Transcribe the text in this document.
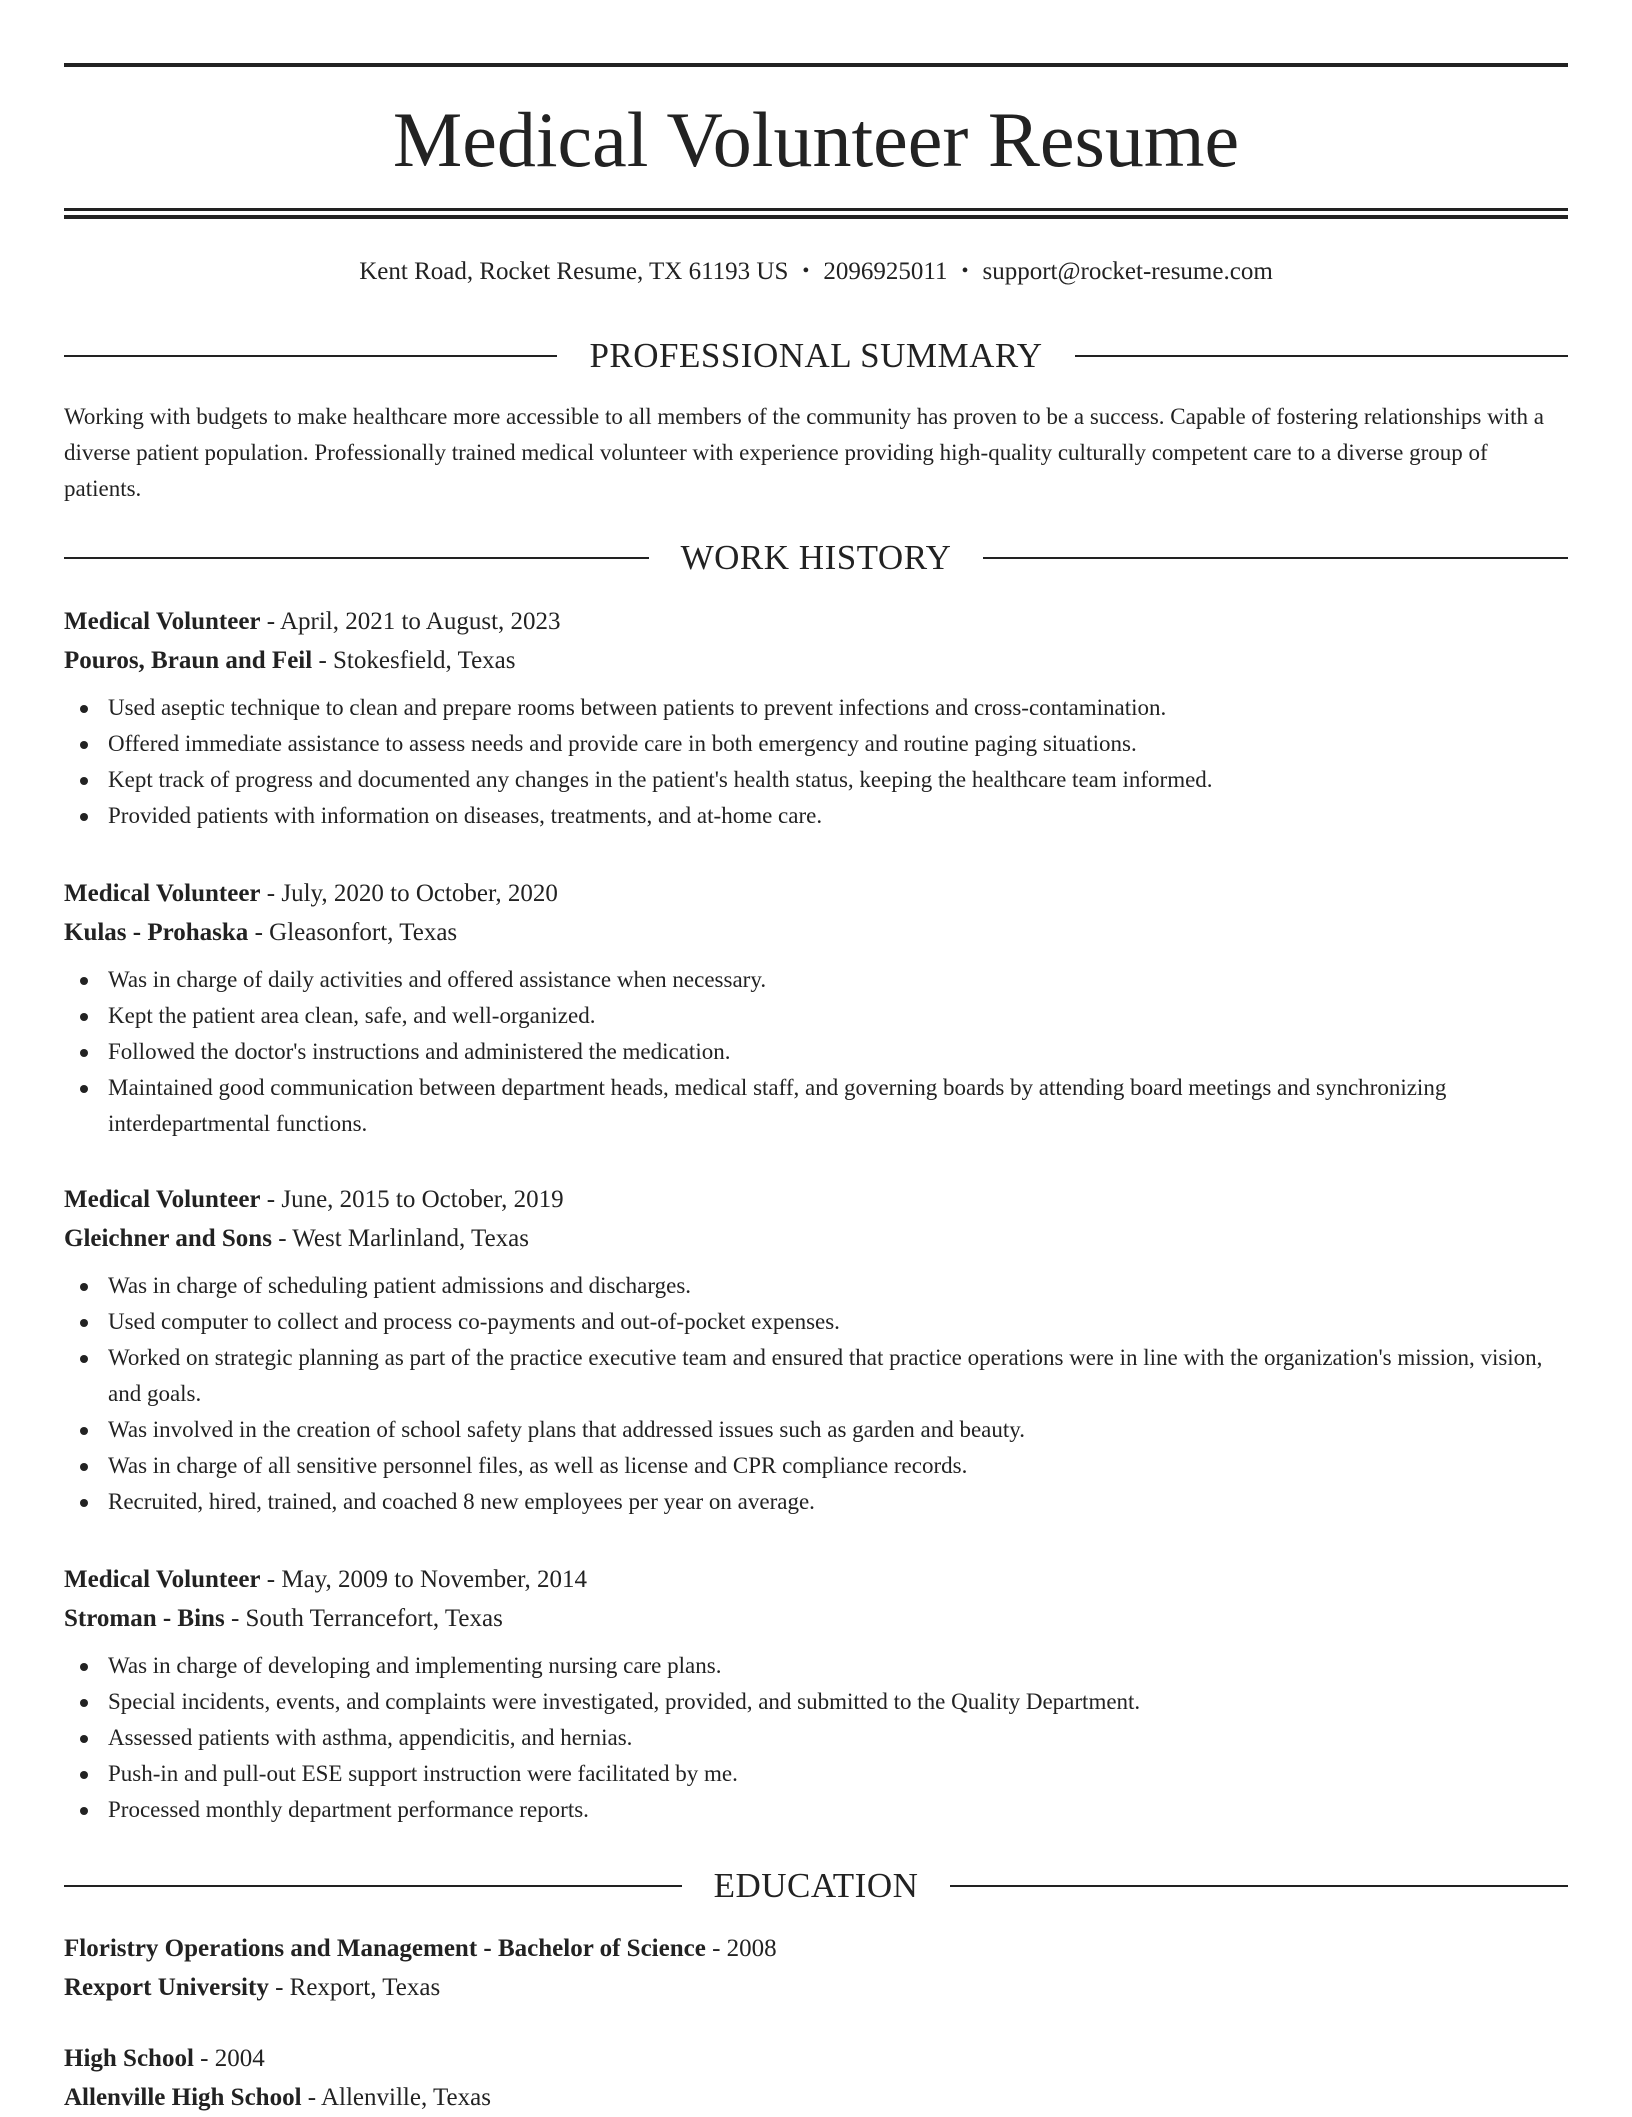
Medical Volunteer Resume
Kent Road, Rocket Resume, TX 61193 US • 2096925011 • support@rocket-resume.com
PROFESSIONAL SUMMARY

Working with budgets to make healthcare more accessible to all members of the community has proven to be a success. Capable of fostering relationships with a diverse patient population. Professionally trained medical volunteer with experience providing high-quality culturally competent care to a diverse group of patients.

WORK HISTORY
Medical Volunteer - April, 2021 to August, 2023
Pouros, Braun and Feil - Stokesfield, Texas
Used aseptic technique to clean and prepare rooms between patients to prevent infections and cross-contamination.
Offered immediate assistance to assess needs and provide care in both emergency and routine paging situations.
Kept track of progress and documented any changes in the patient's health status, keeping the healthcare team informed.
Provided patients with information on diseases, treatments, and at-home care.
Medical Volunteer - July, 2020 to October, 2020
Kulas - Prohaska - Gleasonfort, Texas
Was in charge of daily activities and offered assistance when necessary.
Kept the patient area clean, safe, and well-organized.
Followed the doctor's instructions and administered the medication.
Maintained good communication between department heads, medical staff, and governing boards by attending board meetings and synchronizing interdepartmental functions.
Medical Volunteer - June, 2015 to October, 2019
Gleichner and Sons - West Marlinland, Texas
Was in charge of scheduling patient admissions and discharges.
Used computer to collect and process co-payments and out-of-pocket expenses.
Worked on strategic planning as part of the practice executive team and ensured that practice operations were in line with the organization's mission, vision, and goals.
Was involved in the creation of school safety plans that addressed issues such as garden and beauty.
Was in charge of all sensitive personnel files, as well as license and CPR compliance records.
Recruited, hired, trained, and coached 8 new employees per year on average.
Medical Volunteer - May, 2009 to November, 2014
Stroman - Bins - South Terrancefort, Texas
Was in charge of developing and implementing nursing care plans.
Special incidents, events, and complaints were investigated, provided, and submitted to the Quality Department.
Assessed patients with asthma, appendicitis, and hernias.
Push-in and pull-out ESE support instruction were facilitated by me.
Processed monthly department performance reports.
EDUCATION
Floristry Operations and Management - Bachelor of Science - 2008
Rexport University - Rexport, Texas
High School - 2004
Allenville High School - Allenville, Texas
